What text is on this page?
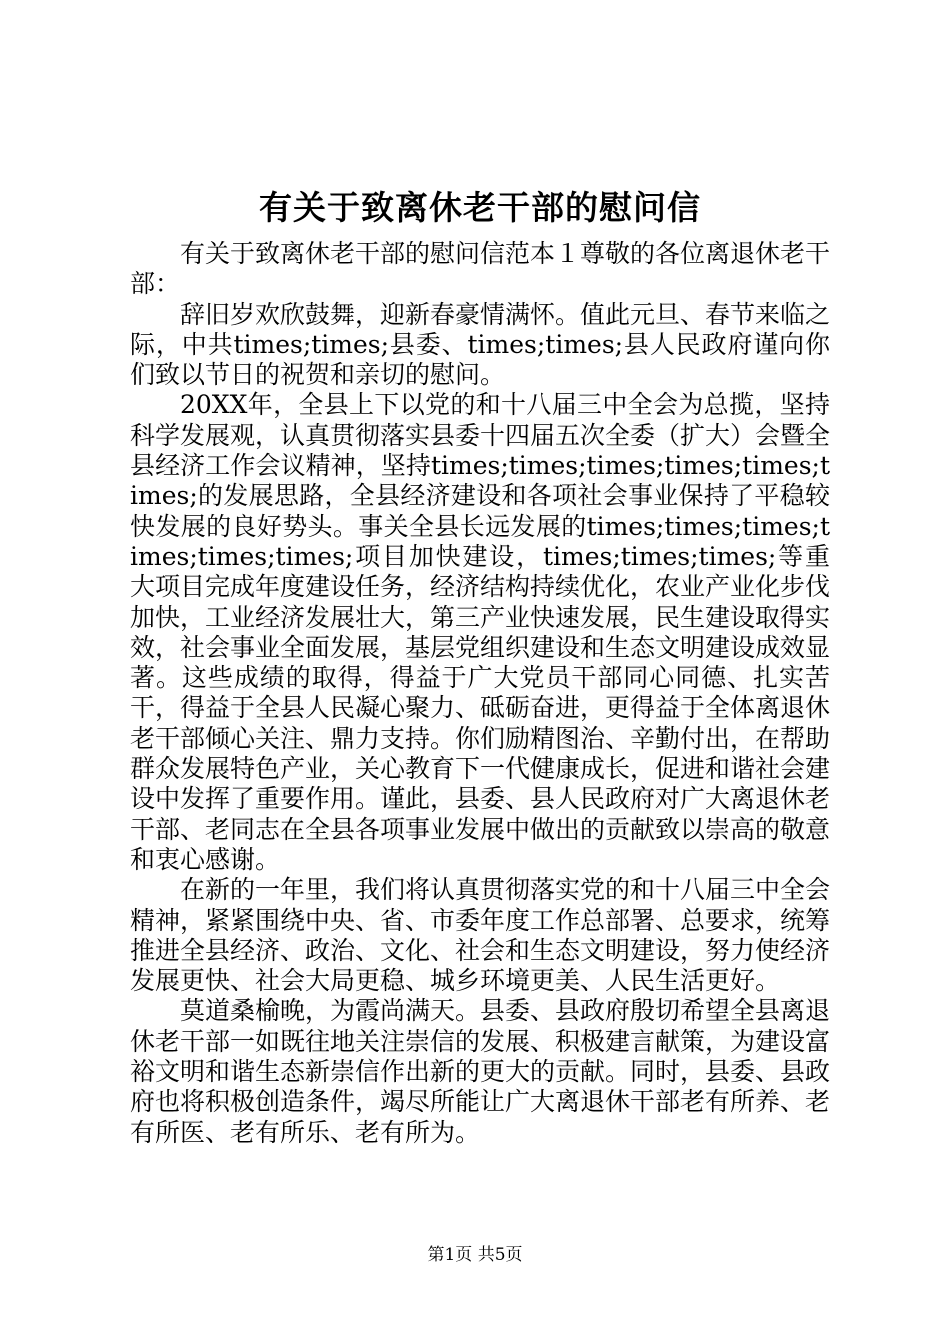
有关于致离休老干部的慰问信

有关于致离休老干部的慰问信范本１尊敬的各位离退休老干部：

辞旧岁欢欣鼓舞，迎新春豪情满怀。值此元旦、春节来临之际，中共times;times;县委、times;times;县人民政府谨向你们致以节日的祝贺和亲切的慰问。

20XX年，全县上下以党的和十八届三中全会为总揽，坚持科学发展观，认真贯彻落实县委十四届五次全委（扩大）会暨全县经济工作会议精神，坚持times;times;times;times;times;times;的发展思路，全县经济建设和各项社会事业保持了平稳较快发展的良好势头。事关全县长远发展的times;times;times;times;times;times;项目加快建设，times;times;times;等重大项目完成年度建设任务，经济结构持续优化，农业产业化步伐加快，工业经济发展壮大，第三产业快速发展，民生建设取得实效，社会事业全面发展，基层党组织建设和生态文明建设成效显著。这些成绩的取得，得益于广大党员干部同心同德、扎实苦干，得益于全县人民凝心聚力、砥砺奋进，更得益于全体离退休老干部倾心关注、鼎力支持。你们励精图治、辛勤付出，在帮助群众发展特色产业，关心教育下一代健康成长，促进和谐社会建设中发挥了重要作用。谨此，县委、县人民政府对广大离退休老干部、老同志在全县各项事业发展中做出的贡献致以崇高的敬意和衷心感谢。

在新的一年里，我们将认真贯彻落实党的和十八届三中全会精神，紧紧围绕中央、省、市委年度工作总部署、总要求，统筹推进全县经济、政治、文化、社会和生态文明建设，努力使经济发展更快、社会大局更稳、城乡环境更美、人民生活更好。

莫道桑榆晚，为霞尚满天。县委、县政府殷切希望全县离退休老干部一如既往地关注崇信的发展、积极建言献策，为建设富裕文明和谐生态新崇信作出新的更大的贡献。同时，县委、县政府也将积极创造条件，竭尽所能让广大离退休干部老有所养、老有所医、老有所乐、老有所为。

第1页 共5页
